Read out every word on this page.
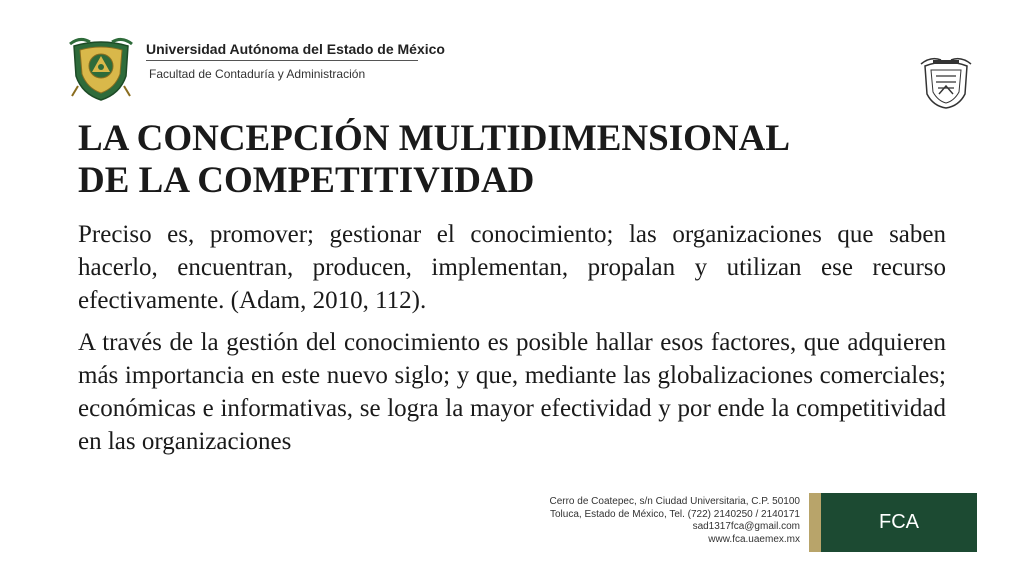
Universidad Autónoma del Estado de México
Facultad de Contaduría y Administración
LA CONCEPCIÓN MULTIDIMENSIONAL
DE LA COMPETITIVIDAD

Preciso es, promover; gestionar el conocimiento; las organizaciones que saben hacerlo, encuentran, producen, implementan, propalan y utilizan ese recurso efectivamente. (Adam, 2010, 112).

A través de la gestión del conocimiento es posible hallar esos factores, que adquieren más importancia en este nuevo siglo; y que, mediante las globalizaciones comerciales; económicas e informativas, se logra la mayor efectividad y por ende la competitividad en las organizaciones

Cerro de Coatepec, s/n Ciudad Universitaria, C.P. 50100
Toluca, Estado de México, Tel. (722) 2140250 / 2140171
sad1317fca@gmail.com
www.fca.uaemex.mx
FCA
